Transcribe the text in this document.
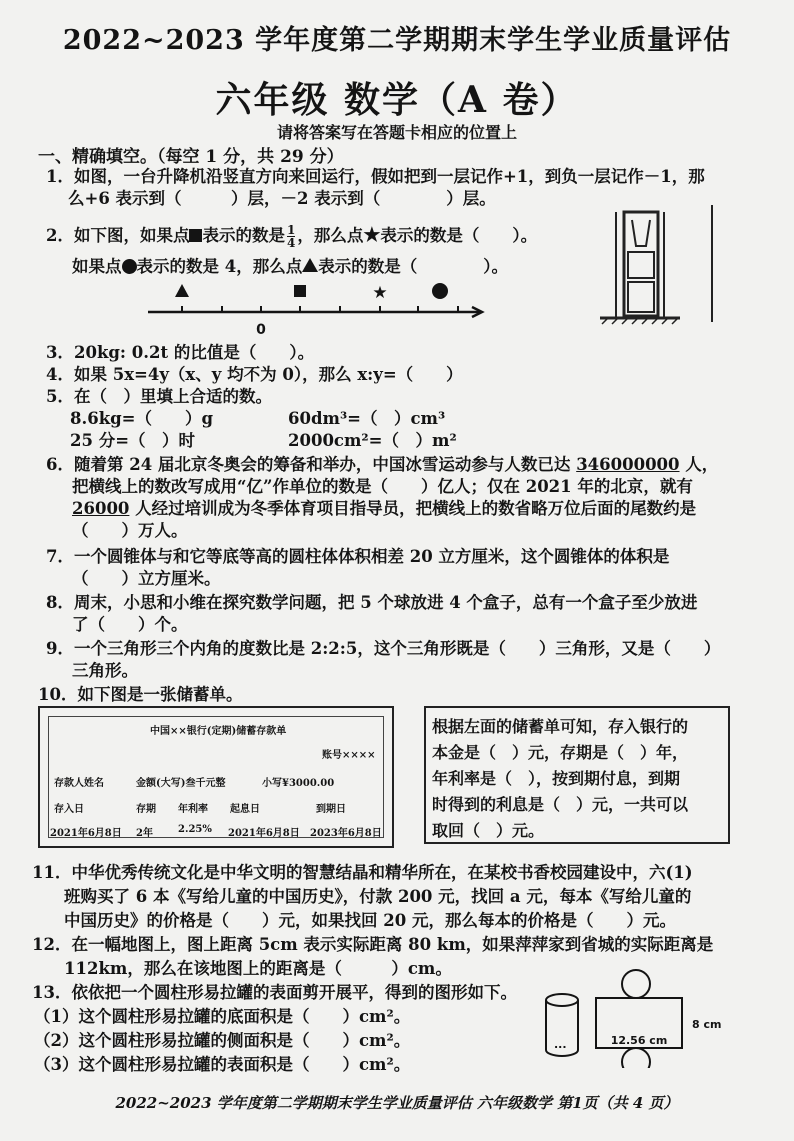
2022~2023 学年度第二学期期末学生学业质量评估
六年级 数学（A 卷）
请将答案写在答题卡相应的位置上
一、精确填空。（每空 1 分，共 29 分）
1．如图，一台升降机沿竖直方向来回运行，假如把到一层记作+1，到负一层记作－1，那
么+6 表示到（　　　）层，－2 表示到（　　　　）层。
2．如下图，如果点 表示的数是 $\frac{1}{4}$ ，那么点★表示的数是（　　）。
如果点 表示的数是 4，那么点 表示的数是（　　　　）。
★
0
3．20kg: 0.2t 的比值是（　　）。
4．如果 5x=4y（x、y 均不为 0），那么 x:y=（　　）
5．在（　）里填上合适的数。
8.6kg=（　　）g	60dm³=（　）cm³
25 分=（　）时	2000cm²=（　）m²
6．随着第 24 届北京冬奥会的筹备和举办，中国冰雪运动参与人数已达 346000000 人，
把横线上的数改写成用“亿”作单位的数是（　　）亿人；仅在 2021 年的北京，就有
26000 人经过培训成为冬季体育项目指导员，把横线上的数省略万位后面的尾数约是
（　　）万人。
7．一个圆锥体与和它等底等高的圆柱体体积相差 20 立方厘米，这个圆锥体的体积是
（　　）立方厘米。
8．周末，小思和小维在探究数学问题，把 5 个球放进 4 个盒子，总有一个盒子至少放进
了（　　）个。
9．一个三角形三个内角的度数比是 2:2:5，这个三角形既是（　　）三角形，又是（　　）
三角形。
10．如下图是一张储蓄单。
中国××银行(定期)储蓄存款单
账号××××
存款人姓名	金额(大写)叁千元整	小写¥3000.00
存入日	存期 年利率 起息日	到期日
2021年6月8日 2年	2.25% 2021年6月8日 2023年6月8日
根据左面的储蓄单可知，存入银行的
本金是（　）元，存期是（　）年，
年利率是（　），按到期付息，到期
时得到的利息是（　）元，一共可以
取回（　）元。
11．中华优秀传统文化是中华文明的智慧结晶和精华所在，在某校书香校园建设中，六(1)
班购买了 6 本《写给儿童的中国历史》，付款 200 元，找回 a 元，每本《写给儿童的
中国历史》的价格是（　　）元，如果找回 20 元，那么每本的价格是（　　）元。
12．在一幅地图上，图上距离 5cm 表示实际距离 80 km，如果萍萍家到省城的实际距离是
112km，那么在该地图上的距离是（　　　）cm。
13．依依把一个圆柱形易拉罐的表面剪开展平，得到的图形如下。
（1）这个圆柱形易拉罐的底面积是（　　）cm²。
（2）这个圆柱形易拉罐的侧面积是（　　）cm²。
（3）这个圆柱形易拉罐的表面积是（　　）cm²。
...	12.56 cm
8 cm
2022~2023 学年度第二学期期末学生学业质量评估 六年级数学 第1页（共 4 页）
